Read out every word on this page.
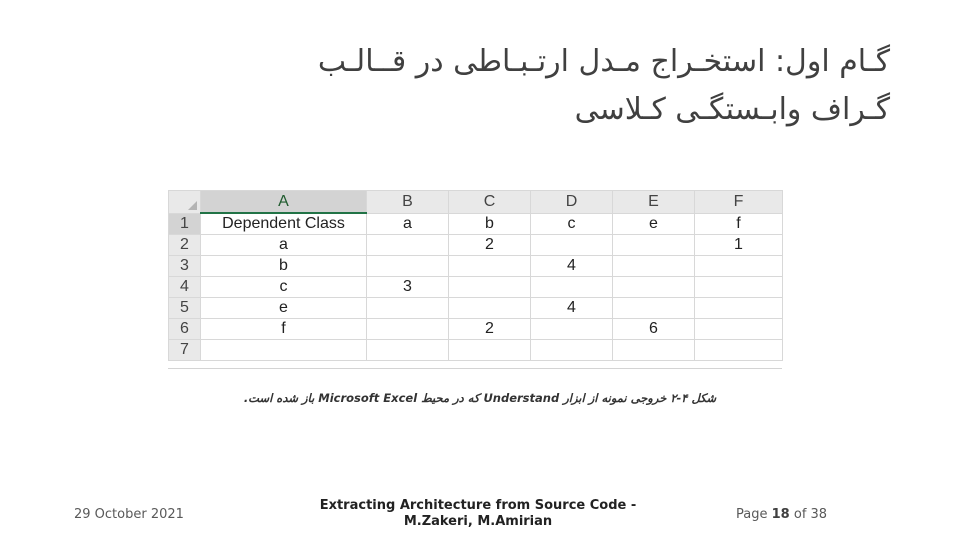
گـام اول: استخـراج مـدل ارتـبـاطی در قــالـب
گـراف وابـستگـی کـلاسی
	A	B	C	D	E	F
1	Dependent Class	a	b	c	e	f
2	a		2			1
3	b			4		
4	c	3				
5	e			4		
6	f		2		6	
7						
شکل ۴-۲ خروجی نمونه از ابزار Understand که در محیط Microsoft Excel باز شده است.
29 October 2021
Extracting Architecture from Source Code -
M.Zakeri, M.Amirian	Page 18 of 38
